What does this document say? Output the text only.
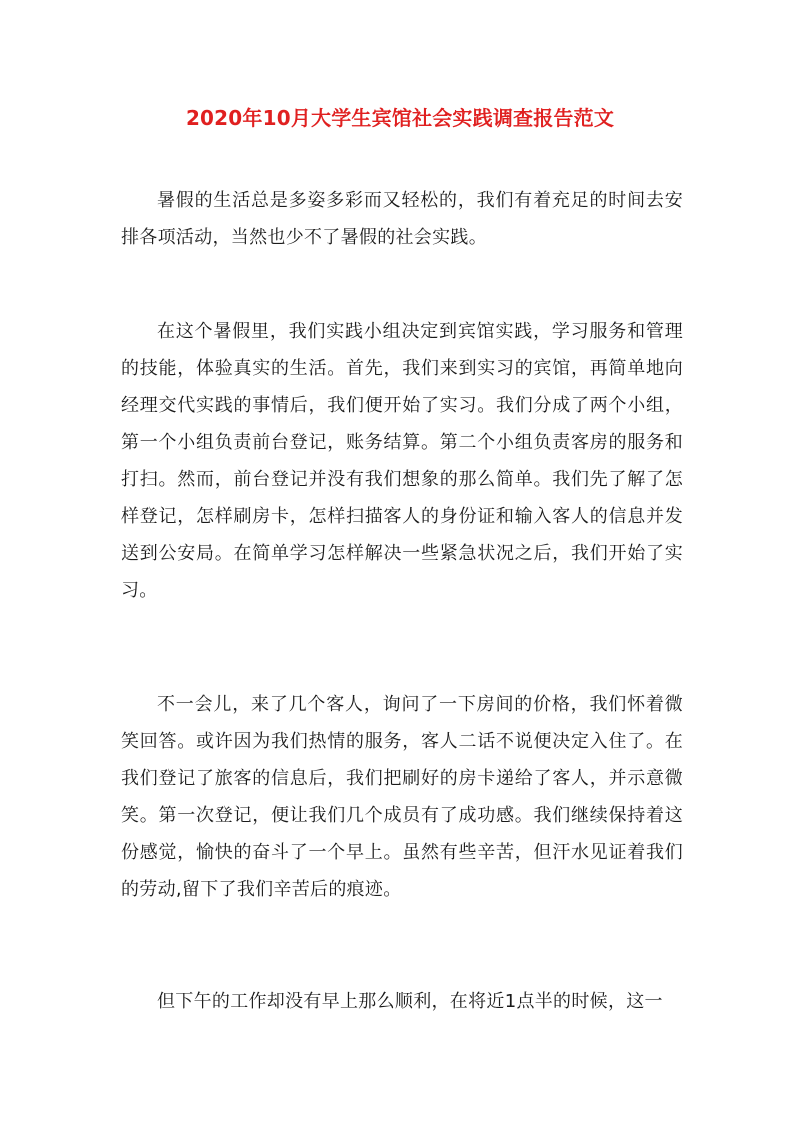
2020年10月大学生宾馆社会实践调查报告范文

暑假的生活总是多姿多彩而又轻松的，我们有着充足的时间去安排各项活动，当然也少不了暑假的社会实践。

在这个暑假里，我们实践小组决定到宾馆实践，学习服务和管理的技能，体验真实的生活。首先，我们来到实习的宾馆，再简单地向经理交代实践的事情后，我们便开始了实习。我们分成了两个小组，第一个小组负责前台登记，账务结算。第二个小组负责客房的服务和打扫。然而，前台登记并没有我们想象的那么简单。我们先了解了怎样登记，怎样刷房卡，怎样扫描客人的身份证和输入客人的信息并发送到公安局。在简单学习怎样解决一些紧急状况之后，我们开始了实习。

不一会儿，来了几个客人，询问了一下房间的价格，我们怀着微笑回答。或许因为我们热情的服务，客人二话不说便决定入住了。在我们登记了旅客的信息后，我们把刷好的房卡递给了客人，并示意微笑。第一次登记，便让我们几个成员有了成功感。我们继续保持着这份感觉，愉快的奋斗了一个早上。虽然有些辛苦，但汗水见证着我们的劳动,留下了我们辛苦后的痕迹。

但下午的工作却没有早上那么顺利，在将近1点半的时候，这一
